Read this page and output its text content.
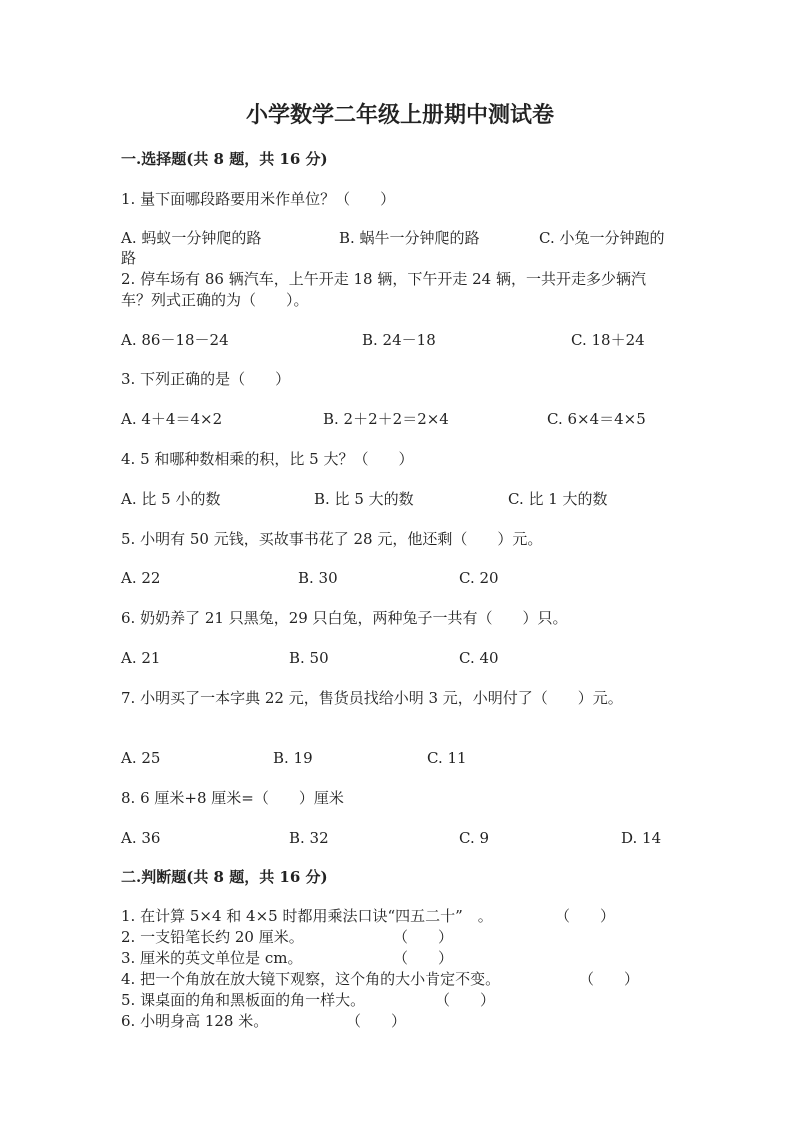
小学数学二年级上册期中测试卷
一.选择题(共 8 题，共 16 分)
1. 量下面哪段路要用米作单位？（　　）
A. 蚂蚁一分钟爬的路	B. 蜗牛一分钟爬的路	C. 小兔一分钟跑的
路
2. 停车场有 86 辆汽车，上午开走 18 辆，下午开走 24 辆，一共开走多少辆汽
车？列式正确的为（　　）。
A. 86－18－24	B. 24－18	C. 18＋24
3. 下列正确的是（　　）
A. 4＋4＝4×2	B. 2＋2＋2＝2×4	C. 6×4＝4×5
4. 5 和哪种数相乘的积，比 5 大？（　　）
A. 比 5 小的数	B. 比 5 大的数	C. 比 1 大的数
5. 小明有 50 元钱，买故事书花了 28 元，他还剩（　　）元。
A. 22	B. 30	C. 20
6. 奶奶养了 21 只黑兔，29 只白兔，两种兔子一共有（　　）只。
A. 21	B. 50	C. 40
7. 小明买了一本字典 22 元，售货员找给小明 3 元，小明付了（　　）元。
A. 25	B. 19	C. 11
8. 6 厘米+8 厘米=（　　）厘米
A. 36	B. 32	C. 9	D. 14
二.判断题(共 8 题，共 16 分)
1. 在计算 5×4 和 4×5 时都用乘法口诀“四五二十”　。	（　　）
2. 一支铅笔长约 20 厘米。	（　　）
3. 厘米的英文单位是 cm。	（　　）
4. 把一个角放在放大镜下观察，这个角的大小肯定不变。	（　　）
5. 课桌面的角和黑板面的角一样大。	（　　）
6. 小明身高 128 米。	（　　）
